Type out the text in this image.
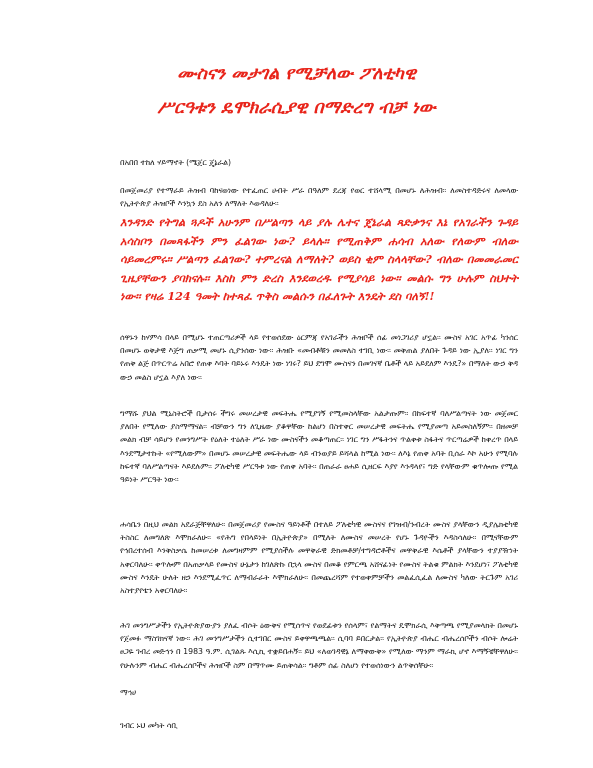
ሙስናን መታገል የሚቻለው ፖለቲካዊ
ሥርዓቱን ዴሞክራሲያዊ በማድረግ ብቻ ነው
በአበበ ተከለ ሃይማኖት (ሜጀር ጄኔራል)
በመጀመሪያ የተማራይ ሕዝብ ባከናወነው የተፈጠር ሀብት ሥራ በዓለም ደረጃ የወር ተሸላሚ በመሆኑ ለሕዝብ፡፡ ለመስተዳድሩና ለመላው የኢትዮጵያ ሕዝቦች እንኳን ደስ አለን ለማለት እወዳለሁ፡፡
እንዳንድ የትግል ጓዶች አሁንም በሥልጣን ላይ ያሉ ሌተና ጄኔራል ጻድቃንና እኔ የአገራችን ጉዳይ አሳስቦን በመጻፋችን ምን ፈልገው ነው? ይላሉ፡፡ የሚጠቅም ሐሳብ አለው የለውም ብለው ሳይመረምሩ፡፡ ሥልጣን ፈልገው? ተምረናል ለማለት? ወይስ ቂም ስላላቸው? ብለው በመመራመር ጊዜያቸውን ያባክናሉ፡፡ እስከ ምን ድረስ እንደወረዱ የሚያሳይ ነው፡፡ መልሱ ግን ሁሉም ስህተት ነው፡፡ የዛሬ 124 ዓመት ከተጻፈ ጥቅስ መልሱን በፈለጉት እንዴት ደስ ባለኝ!!
ሰዋኑን ከሃምሳ በላይ በሚሆኑ ተጠርጣሪዎች ላይ የተወሰደው ዕርምጃ የአገራችን ሕዝቦች ሰፊ መነጋገሪያ ሆኗል፡፡ ሙስና አገር አጥፊ ካንሰር በመሆኑ ወቅታዊ እጅግ ጠቃሚ መሆኑ ሲያንሰው ነው፡፡ ሕዝቡ «መብቶቹን መመለስ ተገቢ ነው፡፡ መቅጠል ያለበት ጉዳይ ነው ኢያለ፡፡ ነገር ግን የጠቅ ልጅ በጥርጥሬ አበሮ የጠቀ እባት ባይኑሩ እንዴት ነው ነገሩ? ይህ ደግሞ ሙስናን በመገናኛ ቤቶች ላይ አይደለም እንዴ?» በማለት ውኃ ቅዳ ውኃ መልስ ሆኗል እያለ ነው፡፡
ግማሹ ያህል ሚኒስትሮች ቢታሰሩ ችግሩ መሠረታዊ መፍትሔ የሚያገኝ የሚመስላቸው አልታጡም፡፡ በከፍተኛ ባለሥልጣናት ነው መጀመር ያለበት የሚለው ያስማማናል፡፡ ብቻውን ግን ለጊዜው ያቆዋቸው ከልሆነ በስተቀር መሠረታዊ መፍትሔ የሚያመጣ አይመስለኝም፡፡ በዘመቻ መልክ ብቻ ሳይሆን የመንግሥት የዕለት ተዕለት ሥራ ነው ሙስናችን መቆጣጠር፡፡ ነገር ግን ሥፋትንና ጥልቀቱ ስፋትና ጥርጣሬዎች ከቀረጥ በላይ እንደሚታተኩት «የሚለውም» በመሆኑ መሠረታዊ መፍትሔው ላይ ብንወያይ ይሻላል ከሚል ነው፡፡ ለእኔ የጠቀ አባት ቢሰራ እኮ አሁን የሚባሉ ከፍተኛ ባለሥልጣናት እይደሉም፡፡ ፖለቲካዊ ሥርዓቱ ነው የጠቀ አባት፡፡ በጠራራ ፀሐይ ሲዘርፍ እያየ እንዳላየ፣ ግድ የላቸውም ቁጥሎጡ የሚል ዓይነት ሥርዓት ነው፡፡
ሐሳቤን በዚህ መልክ አደራጅቸዋለሁ፡፡ በመጀመሪያ የሙስና ዓይነቶች በተለይ ፖለቲካዊ ሙስናና የገዝብ/ንብረት ሙስና ያላቸውን ዲያሌክቲካዊ ትስስር ለመግለጽ እሞክራለሁ፡፡ «የሕግ የበላይነት በኢትዮጵያ» በሚለት ለሙስና መሠረት የሆኑ ጉዳዮችን እዳስሳለሁ፡፡ በሚናቸውም የኅበረተሰብ እንቅስቃሴ ከመሠረቱ ለመግዛምም የሚያሰችሉ መዋቅራዊ ድክመቶቻ/ተግዳሮቶችና መዋቅራዊ እሴቶች ያላቸውን ተያያዥነት አቀርባለሁ፡፡ ቀጥሎም በአጠቃላይ የሙስና ሁኔታን ከገለጽኩ በኋላ ሙስና በመቆ የምርጫ አሸናፊነት የሙስና ትልቁ ምልክት እንደሆነ፣ ፖለቲካዊ ሙስና እንዴት ሁለት ዘኃ እንደሚፈጥር ለማብራራት እሞክራለሁ፡፡ በመጨረሻም የተወቀምቻችን መልፈሲፈል ለሙስና ካለው ትርጉም አገሪ አስተያየቴን አቀርባለሁ፡፡
ሕገ መንግሥታችን የኢትዮጵያውያን ያለፈ ብሶት ዕውቅና የሚሰጥና የወደፊቱን የሰላም፣ የልማትና ዴሞክራሲ እቅጣጫ የሚያመላክት በመሆኑ የጀመፉ ማስገክናኛ ነው፡፡ ሕገ መንግሥታችን ሲተገበር ሙስና ይቀዋጫጫል፡፡ ሲባባ ይበርታል፡፡ የኢትዮጵያ ብሔር ብሔረሰቦችን ብሶት ሎሬት ፀጋዬ ገብረ መድኅን በ 1983 ዓ.ም. ሲገልጹ እሲኪ ተቋይበሐኝ፡፡ ይህ «ለወገዳዊኔ ለማቀውቅ» የሚለው ማንም ማራኪ ሆኖ እማኝቼቸዋለሁ፡፡ የሁሉንም ብሔር ብሔረሰቦችና ሕዝቦች ስም በማጥሙ ይጠቅሳል፡፡ ግቶም ሰፊ ስለሆነ የተወሰነውን ልጥቅሰቸሁ፡፡
ማኅሀ
ገብር ኑህ መካት ሳቢ
